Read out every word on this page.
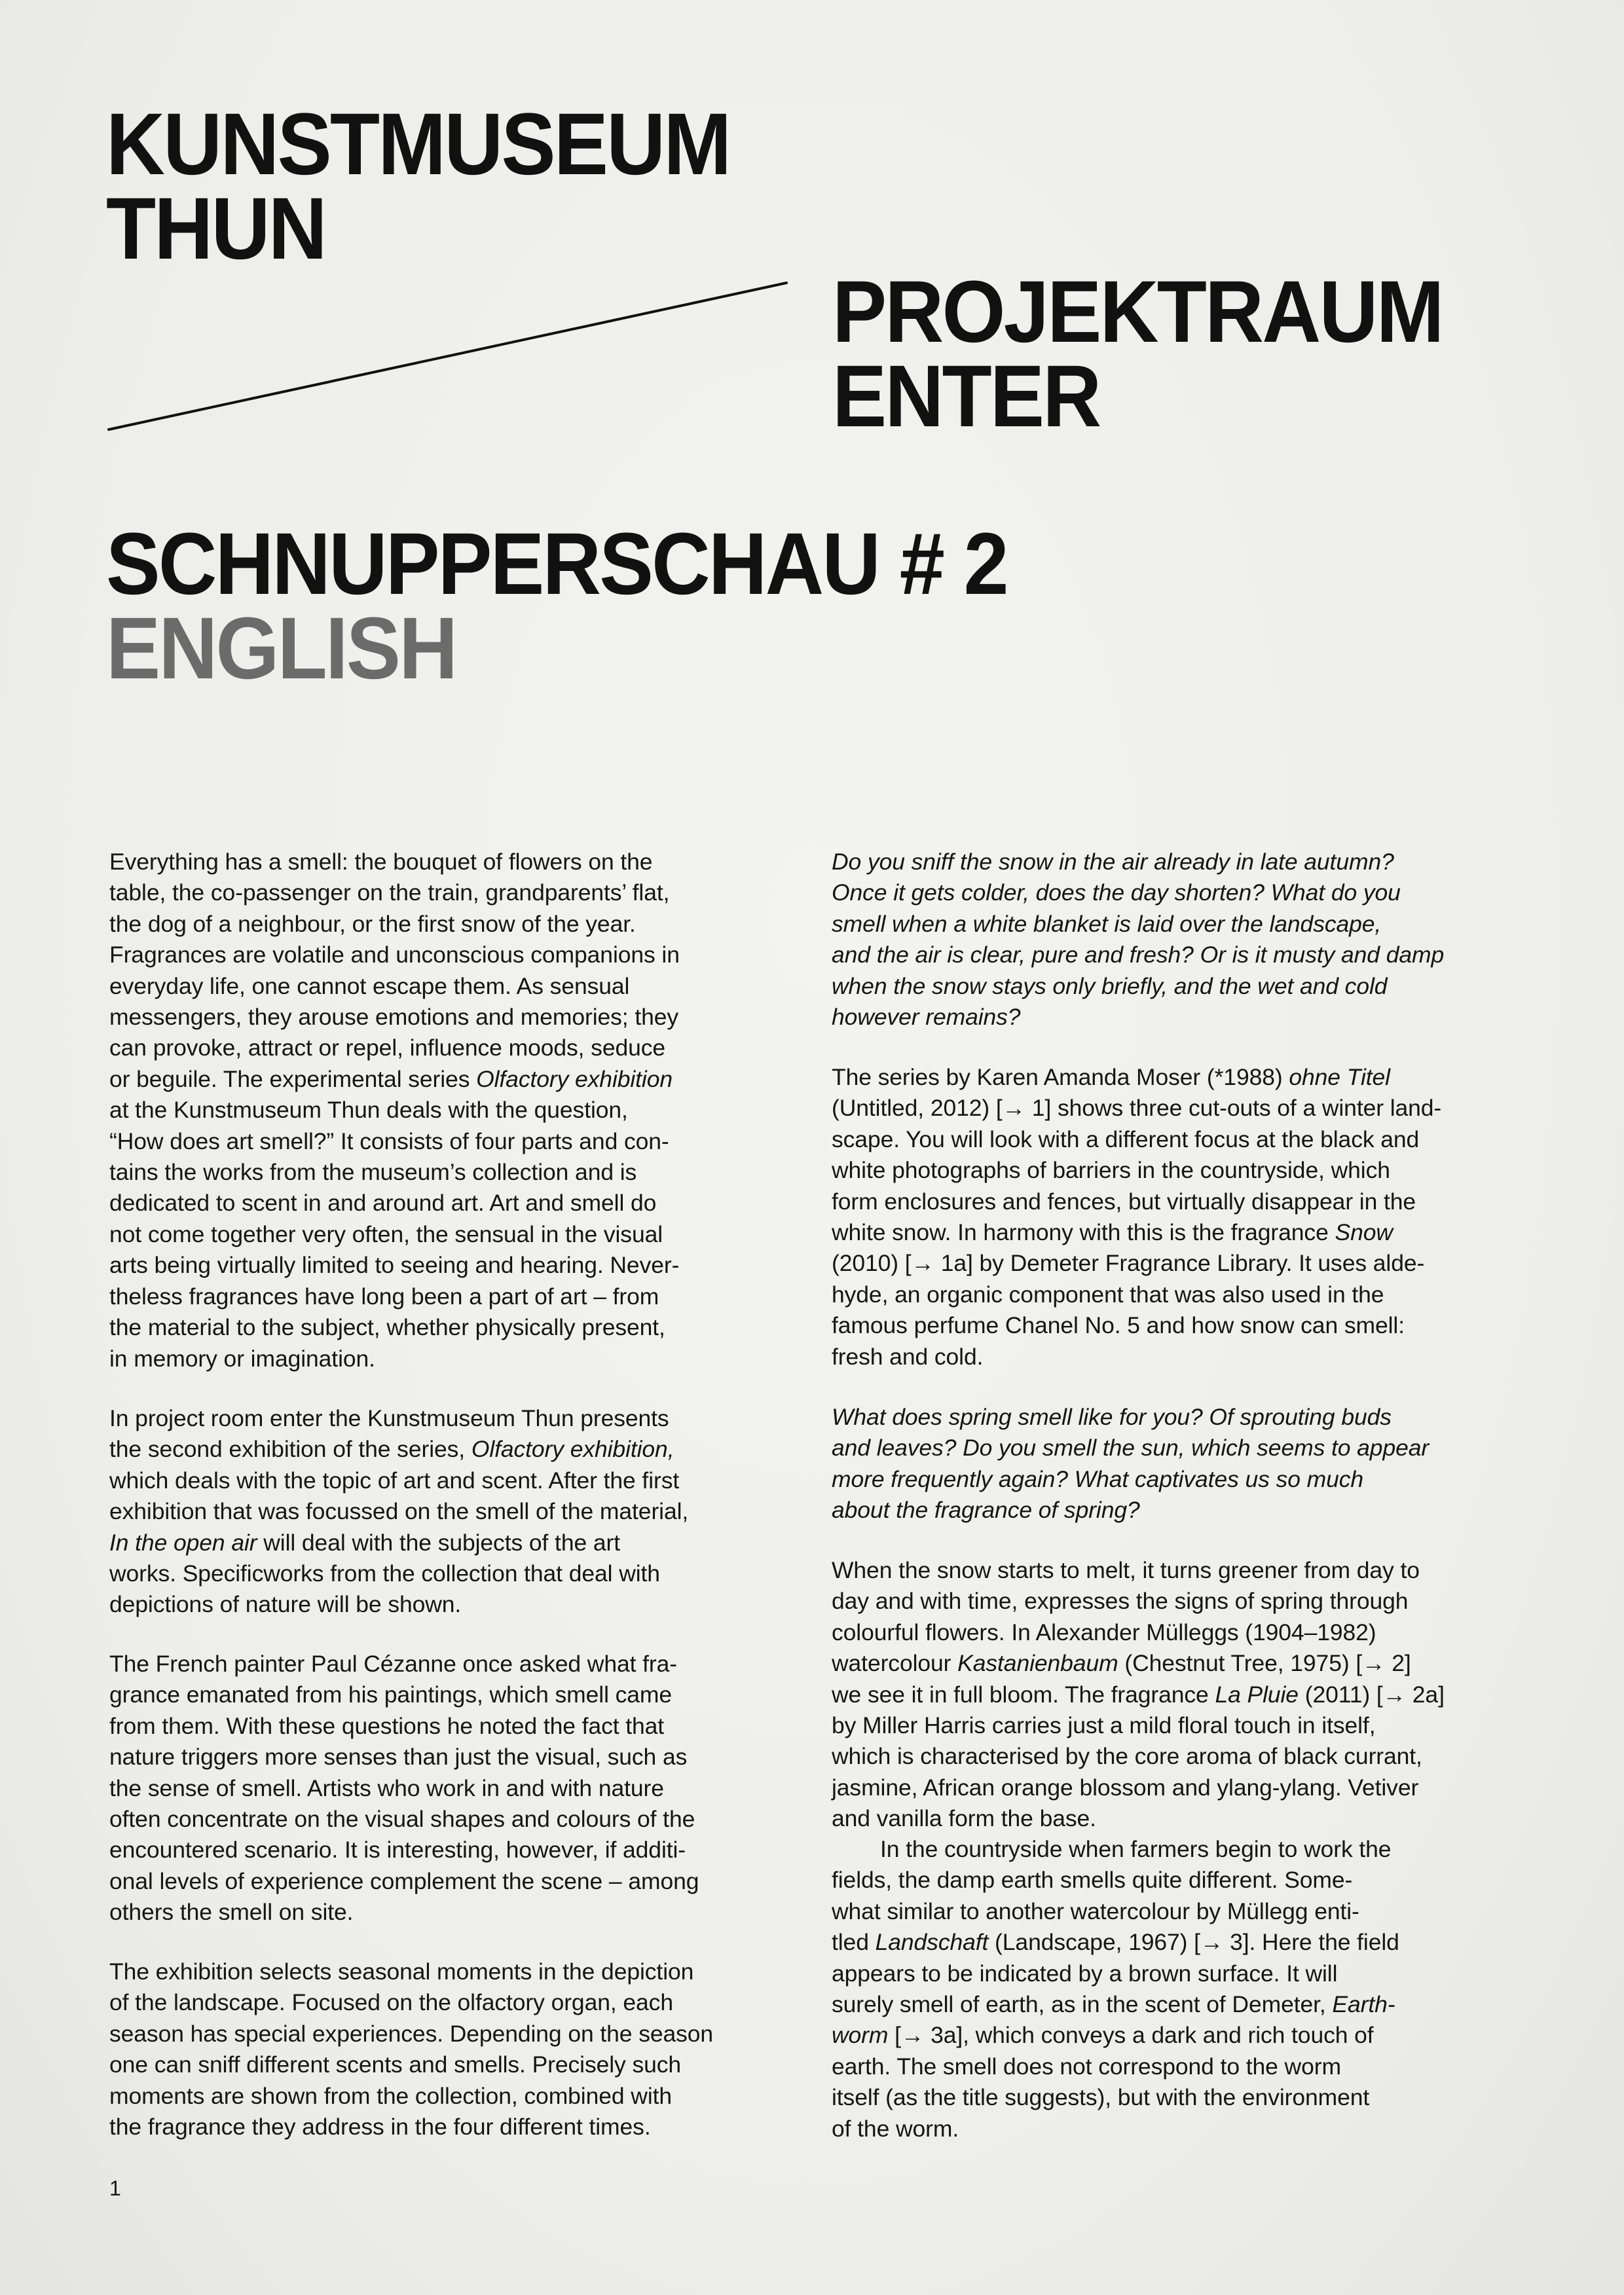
KUNSTMUSEUM
THUN
PROJEKTRAUM
ENTER
SCHNUPPERSCHAU # 2
ENGLISH
Everything has a smell: the bouquet of flowers on the
table, the co-passenger on the train, grandparents’ flat,
the dog of a neighbour, or the first snow of the year.
Fragrances are volatile and unconscious companions in
everyday life, one cannot escape them. As sensual
messengers, they arouse emotions and memories; they
can provoke, attract or repel, influence moods, seduce
or beguile. The experimental series Olfactory exhibition
at the Kunstmuseum Thun deals with the question,
“How does art smell?” It consists of four parts and con-
tains the works from the museum’s collection and is
dedicated to scent in and around art. Art and smell do
not come together very often, the sensual in the visual
arts being virtually limited to seeing and hearing. Never-
theless fragrances have long been a part of art – from
the material to the subject, whether physically present,
in memory or imagination.
In project room enter the Kunstmuseum Thun presents
the second exhibition of the series, Olfactory exhibition,
which deals with the topic of art and scent. After the first
exhibition that was focussed on the smell of the material,
In the open air will deal with the subjects of the art
works. Specificworks from the collection that deal with
depictions of nature will be shown.
The French painter Paul Cézanne once asked what fra-
grance emanated from his paintings, which smell came
from them. With these questions he noted the fact that
nature triggers more senses than just the visual, such as
the sense of smell. Artists who work in and with nature
often concentrate on the visual shapes and colours of the
encountered scenario. It is interesting, however, if additi-
onal levels of experience complement the scene – among
others the smell on site.
The exhibition selects seasonal moments in the depiction
of the landscape. Focused on the olfactory organ, each
season has special experiences. Depending on the season
one can sniff different scents and smells. Precisely such
moments are shown from the collection, combined with
the fragrance they address in the four different times.
Do you sniff the snow in the air already in late autumn?
Once it gets colder, does the day shorten? What do you
smell when a white blanket is laid over the landscape,
and the air is clear, pure and fresh? Or is it musty and damp
when the snow stays only briefly, and the wet and cold
however remains?
The series by Karen Amanda Moser (*1988) ohne Titel
(Untitled, 2012) [→ 1] shows three cut-outs of a winter land-
scape. You will look with a different focus at the black and
white photographs of barriers in the countryside, which
form enclosures and fences, but virtually disappear in the
white snow. In harmony with this is the fragrance Snow
(2010) [→ 1a] by Demeter Fragrance Library. It uses alde-
hyde, an organic component that was also used in the
famous perfume Chanel No. 5 and how snow can smell:
fresh and cold.
What does spring smell like for you? Of sprouting buds
and leaves? Do you smell the sun, which seems to appear
more frequently again? What captivates us so much
about the fragrance of spring?
When the snow starts to melt, it turns greener from day to
day and with time, expresses the signs of spring through
colourful flowers. In Alexander Mülleggs (1904–1982)
watercolour Kastanienbaum (Chestnut Tree, 1975) [→ 2]
we see it in full bloom. The fragrance La Pluie (2011) [→ 2a]
by Miller Harris carries just a mild floral touch in itself,
which is characterised by the core aroma of black currant,
jasmine, African orange blossom and ylang-ylang. Vetiver
and vanilla form the base.
In the countryside when farmers begin to work the
fields, the damp earth smells quite different. Some-
what similar to another watercolour by Müllegg enti-
tled Landschaft (Landscape, 1967) [→ 3]. Here the field
appears to be indicated by a brown surface. It will
surely smell of earth, as in the scent of Demeter, Earth-
worm [→ 3a], which conveys a dark and rich touch of
earth. The smell does not correspond to the worm
itself (as the title suggests), but with the environment
of the worm.
1
